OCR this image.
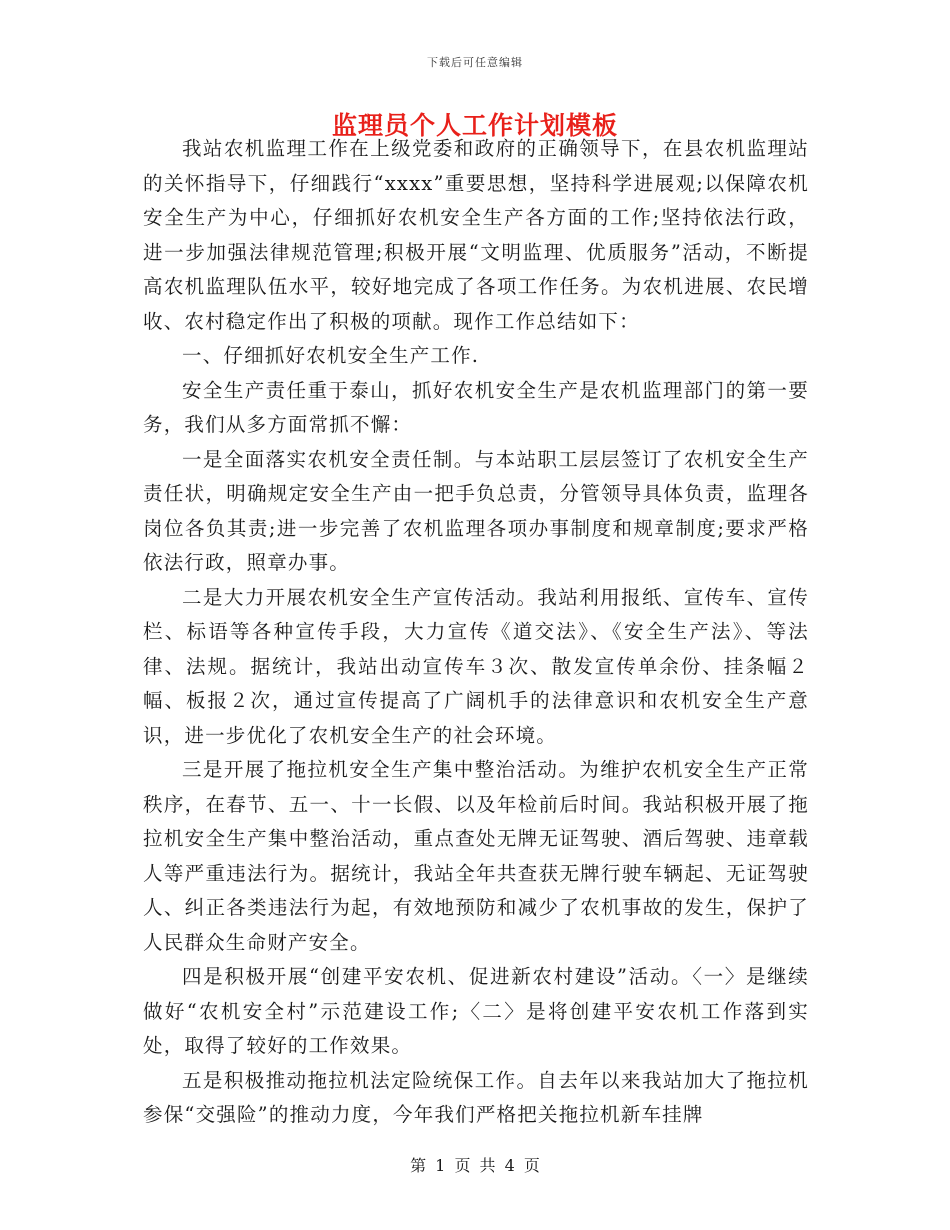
下载后可任意编辑
监理员个人工作计划模板

我站农机监理工作在上级党委和政府的正确领导下，在县农机监理站的关怀指导下，仔细践行“xxxx”重要思想，坚持科学进展观;以保障农机安全生产为中心，仔细抓好农机安全生产各方面的工作;坚持依法行政，进一步加强法律规范管理;积极开展“文明监理、优质服务”活动，不断提高农机监理队伍水平，较好地完成了各项工作任务。为农机进展、农民增收、农村稳定作出了积极的项献。现作工作总结如下：

一、仔细抓好农机安全生产工作.

安全生产责任重于泰山，抓好农机安全生产是农机监理部门的第一要务，我们从多方面常抓不懈：

一是全面落实农机安全责任制。与本站职工层层签订了农机安全生产责任状，明确规定安全生产由一把手负总责，分管领导具体负责，监理各岗位各负其责;进一步完善了农机监理各项办事制度和规章制度;要求严格依法行政，照章办事。

二是大力开展农机安全生产宣传活动。我站利用报纸、宣传车、宣传栏、标语等各种宣传手段，大力宣传《道交法》、《安全生产法》、等法律、法规。据统计，我站出动宣传车３次、散发宣传单余份、挂条幅２幅、板报２次，通过宣传提高了广阔机手的法律意识和农机安全生产意识，进一步优化了农机安全生产的社会环境。

三是开展了拖拉机安全生产集中整治活动。为维护农机安全生产正常秩序，在春节、五一、十一长假、以及年检前后时间。我站积极开展了拖拉机安全生产集中整治活动，重点查处无牌无证驾驶、酒后驾驶、违章载人等严重违法行为。据统计，我站全年共查获无牌行驶车辆起、无证驾驶人、纠正各类违法行为起，有效地预防和减少了农机事故的发生，保护了人民群众生命财产安全。

四是积极开展“创建平安农机、促进新农村建设”活动。〈一〉是继续做好“农机安全村”示范建设工作;〈二〉是将创建平安农机工作落到实处，取得了较好的工作效果。

五是积极推动拖拉机法定险统保工作。自去年以来我站加大了拖拉机参保“交强险”的推动力度，今年我们严格把关拖拉机新车挂牌

第 1 页 共 4 页
